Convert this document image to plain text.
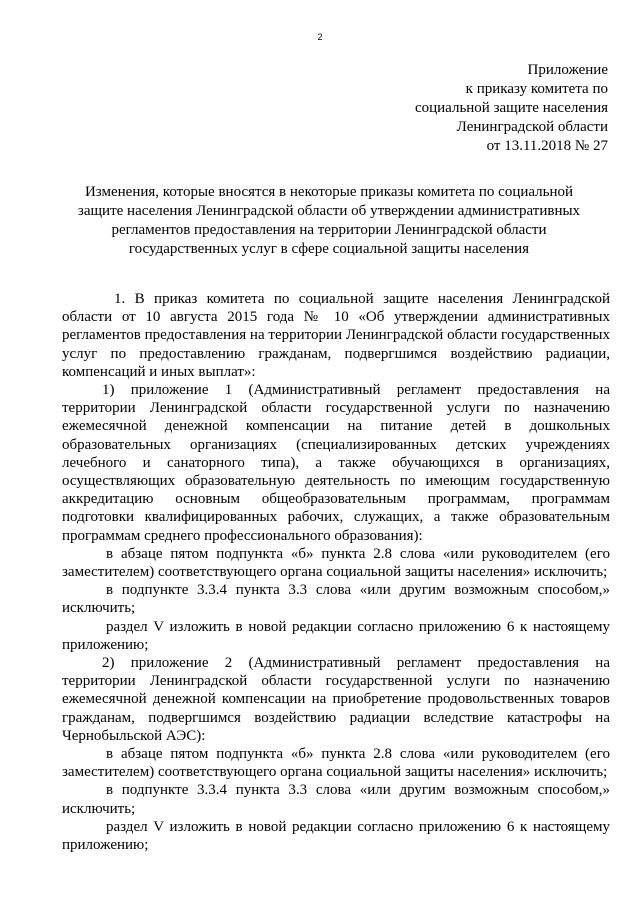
2
Приложение
к приказу комитета по
социальной защите населения
Ленинградской области
от 13.11.2018 № 27
Изменения, которые вносятся в некоторые приказы комитета по социальной
защите населения Ленинградской области об утверждении административных
регламентов предоставления на территории Ленинградской области
государственных услуг в сфере социальной защиты населения

1. В приказ комитета по социальной защите населения Ленинградской области от 10 августа 2015 года № 10 «Об утверждении административных регламентов предоставления на территории Ленинградской области государственных услуг по предоставлению гражданам, подвергшимся воздействию радиации, компенсаций и иных выплат»:

1) приложение 1 (Административный регламент предоставления на территории Ленинградской области государственной услуги по назначению ежемесячной денежной компенсации на питание детей в дошкольных образовательных организациях (специализированных детских учреждениях лечебного и санаторного типа), а также обучающихся в организациях, осуществляющих образовательную деятельность по имеющим государственную аккредитацию основным общеобразовательным программам, программам подготовки квалифицированных рабочих, служащих, а также образовательным программам среднего профессионального образования):

в абзаце пятом подпункта «б» пункта 2.8 слова «или руководителем (его заместителем) соответствующего органа социальной защиты населения» исключить;

в подпункте 3.3.4 пункта 3.3 слова «или другим возможным способом,» исключить;

раздел V изложить в новой редакции согласно приложению 6 к настоящему приложению;

2) приложение 2 (Административный регламент предоставления на территории Ленинградской области государственной услуги по назначению ежемесячной денежной компенсации на приобретение продовольственных товаров гражданам, подвергшимся воздействию радиации вследствие катастрофы на Чернобыльской АЭС):

в абзаце пятом подпункта «б» пункта 2.8 слова «или руководителем (его заместителем) соответствующего органа социальной защиты населения» исключить;

в подпункте 3.3.4 пункта 3.3 слова «или другим возможным способом,» исключить;

раздел V изложить в новой редакции согласно приложению 6 к настоящему приложению;
